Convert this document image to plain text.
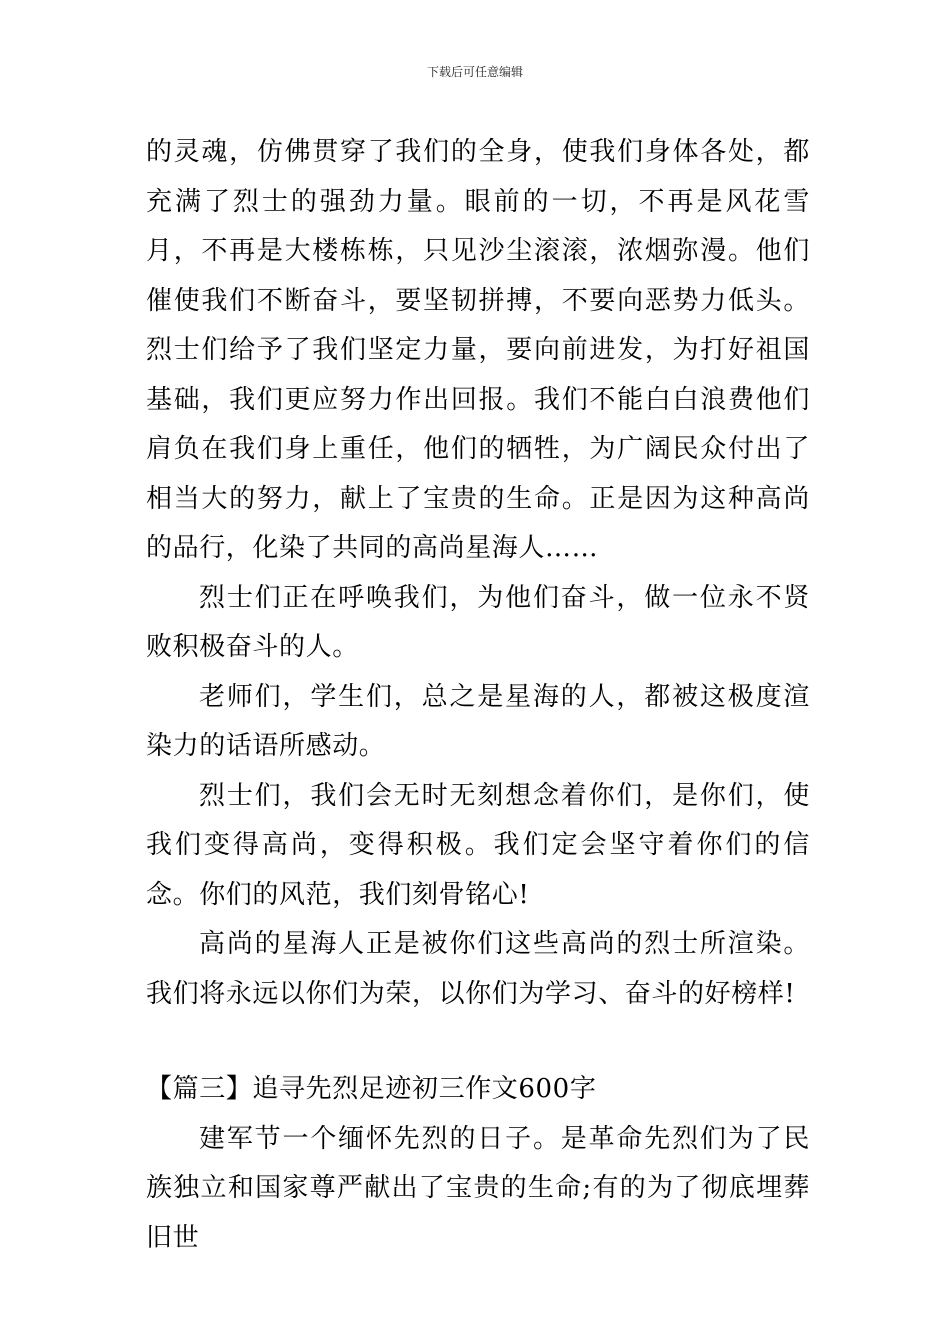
下载后可任意编辑

的灵魂，仿佛贯穿了我们的全身，使我们身体各处，都充满了烈士的强劲力量。眼前的一切，不再是风花雪月，不再是大楼栋栋，只见沙尘滚滚，浓烟弥漫。他们催使我们不断奋斗，要坚韧拼搏，不要向恶势力低头。烈士们给予了我们坚定力量，要向前进发，为打好祖国基础，我们更应努力作出回报。我们不能白白浪费他们肩负在我们身上重任，他们的牺牲，为广阔民众付出了相当大的努力，献上了宝贵的生命。正是因为这种高尚的品行，化染了共同的高尚星海人……

烈士们正在呼唤我们，为他们奋斗，做一位永不贤败积极奋斗的人。

老师们，学生们，总之是星海的人，都被这极度渲染力的话语所感动。

烈士们，我们会无时无刻想念着你们，是你们，使我们变得高尚，变得积极。我们定会坚守着你们的信念。你们的风范，我们刻骨铭心!

高尚的星海人正是被你们这些高尚的烈士所渲染。我们将永远以你们为荣，以你们为学习、奋斗的好榜样!

【篇三】追寻先烈足迹初三作文600字

建军节一个缅怀先烈的日子。是革命先烈们为了民族独立和国家尊严献出了宝贵的生命;有的为了彻底埋葬旧世
